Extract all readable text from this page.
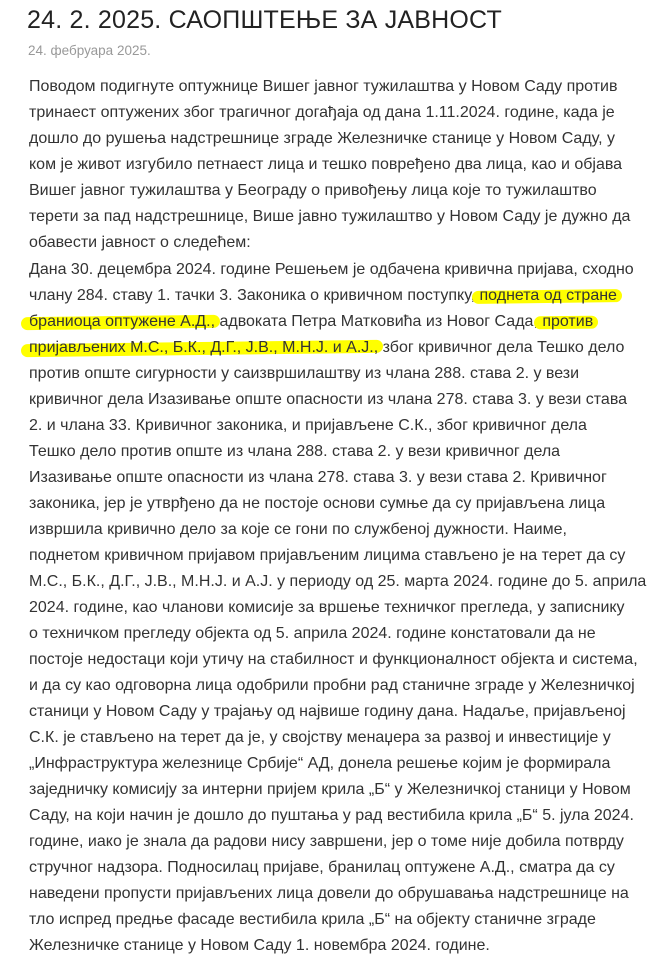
24. 2. 2025. САОПШТЕЊЕ ЗА ЈАВНОСТ
24. фебруара 2025.
Поводом подигнуте оптужнице Вишег јавног тужилаштва у Новом Саду против
тринаест оптужених због трагичног догађаја од дана 1.11.2024. године, када је
дошло до рушења надстрешнице зграде Железничке станице у Новом Саду, у
ком је живот изгубило петнаест лица и тешко повређено два лица, као и објава
Вишег јавног тужилаштва у Београду о привођењу лица које то тужилаштво
терети за пад надстрешнице, Више јавно тужилаштво у Новом Саду је дужно да
обавести јавност о следећем:
Дана 30. децембра 2024. године Решењем је одбачена кривична пријава, сходно
члану 284. ставу 1. тачки 3. Законика о кривичном поступку, поднета од стране
браниоца оптужене А.Д., адвоката Петра Матковића из Новог Сада, против
пријављених М.С., Б.К., Д.Г., Ј.В., М.Н.Ј. и А.Ј., због кривичног дела Тешко дело
против опште сигурности у саизвршилаштву из члана 288. става 2. у вези
кривичног дела Изазивање опште опасности из члана 278. става 3. у вези става
2. и члана 33. Кривичног законика, и пријављене С.К., због кривичног дела
Тешко дело против опште из члана 288. става 2. у вези кривичног дела
Изазивање опште опасности из члана 278. става 3. у вези става 2. Кривичног
законика, јер је утврђено да не постоје основи сумње да су пријављена лица
извршила кривично дело за које се гони по службеној дужности. Наиме,
поднетом кривичном пријавом пријављеним лицима стављено је на терет да су
М.С., Б.К., Д.Г., Ј.В., М.Н.Ј. и А.Ј. у периоду од 25. марта 2024. године до 5. априла
2024. године, као чланови комисије за вршење техничког прегледа, у записнику
о техничком прегледу објекта од 5. априла 2024. године констатовали да не
постоје недостаци који утичу на стабилност и функционалност објекта и система,
и да су као одговорна лица одобрили пробни рад станичне зграде у Железничкој
станици у Новом Саду у трајању од највише годину дана. Надаље, пријављеној
С.К. је стављено на терет да је, у својству менаџера за развој и инвестиције у
„Инфраструктура железнице Србије“ АД, донела решење којим је формирала
заједничку комисију за интерни пријем крила „Б“ у Железничкој станици у Новом
Саду, на који начин је дошло до пуштања у рад вестибила крила „Б“ 5. јула 2024.
године, иако је знала да радови нису завршени, јер о томе није добила потврду
стручног надзора. Подносилац пријаве, бранилац оптужене А.Д., сматра да су
наведени пропусти пријављених лица довели до обрушавања надстрешнице на
тло испред предње фасаде вестибила крила „Б“ на објекту станичне зграде
Железничке станице у Новом Саду 1. новембра 2024. године.
